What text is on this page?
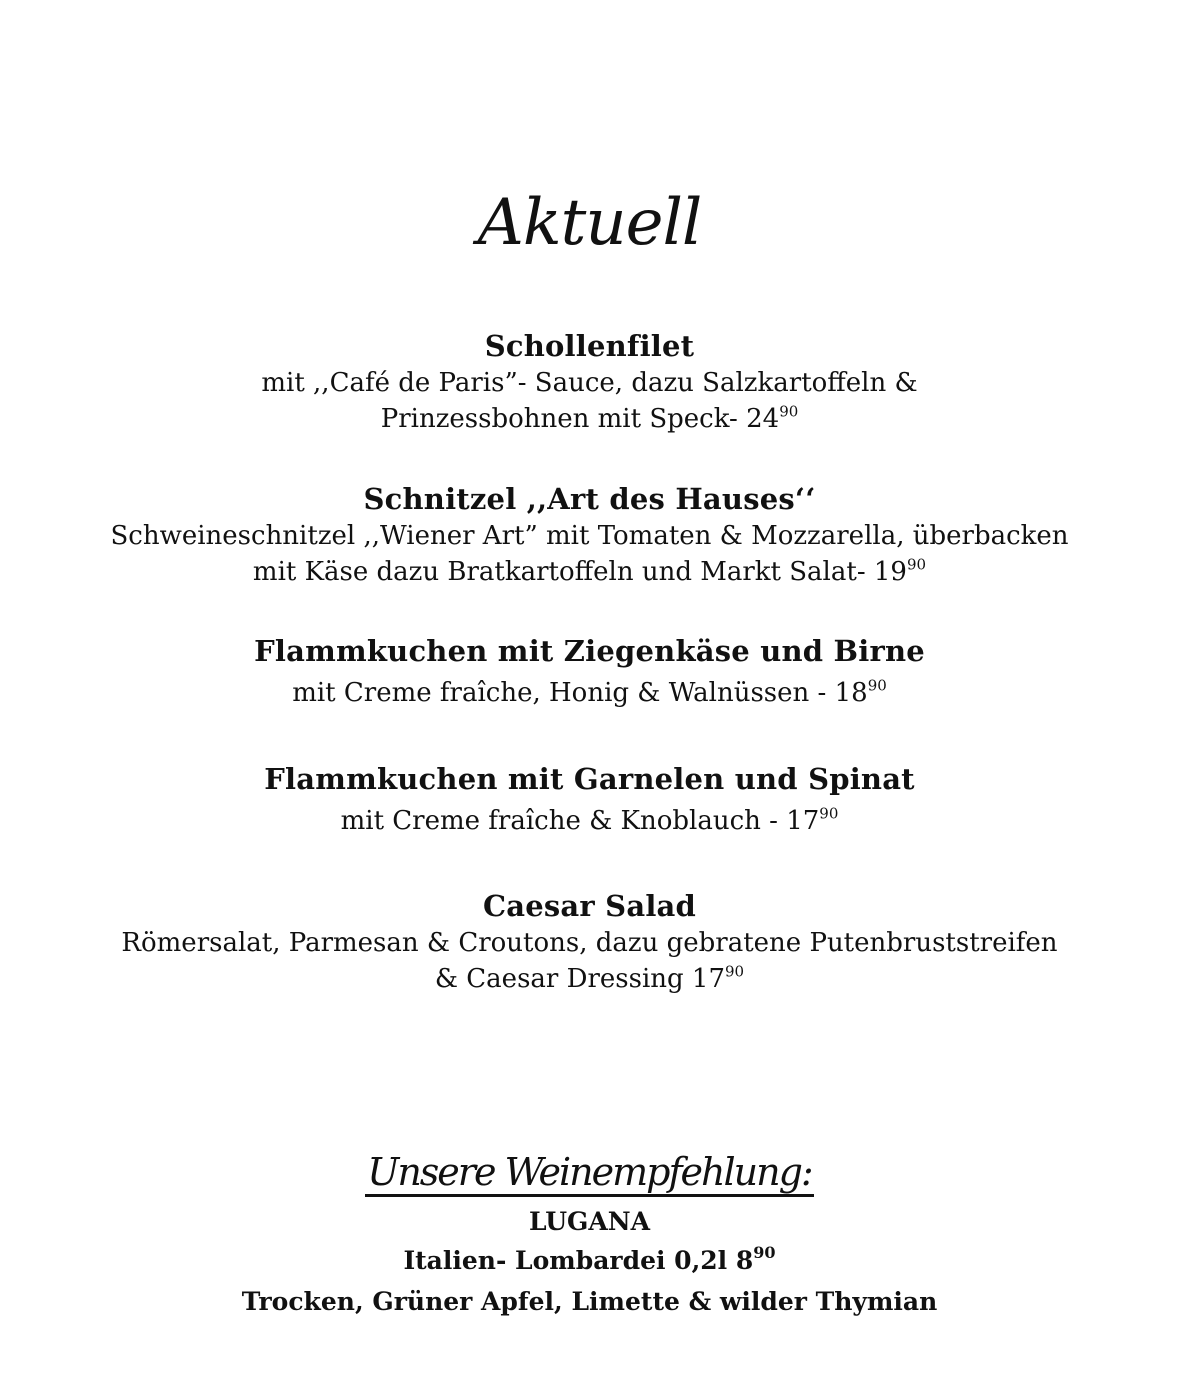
Aktuell
Schollenfilet
mit ,,Café de Paris”- Sauce, dazu Salzkartoffeln &
Prinzessbohnen mit Speck- $24^{90}$
Schnitzel ,,Art des Hauses‘‘
Schweineschnitzel ,,Wiener Art” mit Tomaten & Mozzarella, überbacken
mit Käse dazu Bratkartoffeln und Markt Salat- $19^{90}$
Flammkuchen mit Ziegenkäse und Birne
mit Creme fraîche, Honig & Walnüssen - $18^{90}$
Flammkuchen mit Garnelen und Spinat
mit Creme fraîche & Knoblauch - $17^{90}$
Caesar Salad
Römersalat, Parmesan & Croutons, dazu gebratene Putenbruststreifen
& Caesar Dressing $17^{90}$
Unsere Weinempfehlung:
LUGANA
Italien- Lombardei 0,2l $8^{90}$
Trocken, Grüner Apfel, Limette & wilder Thymian
